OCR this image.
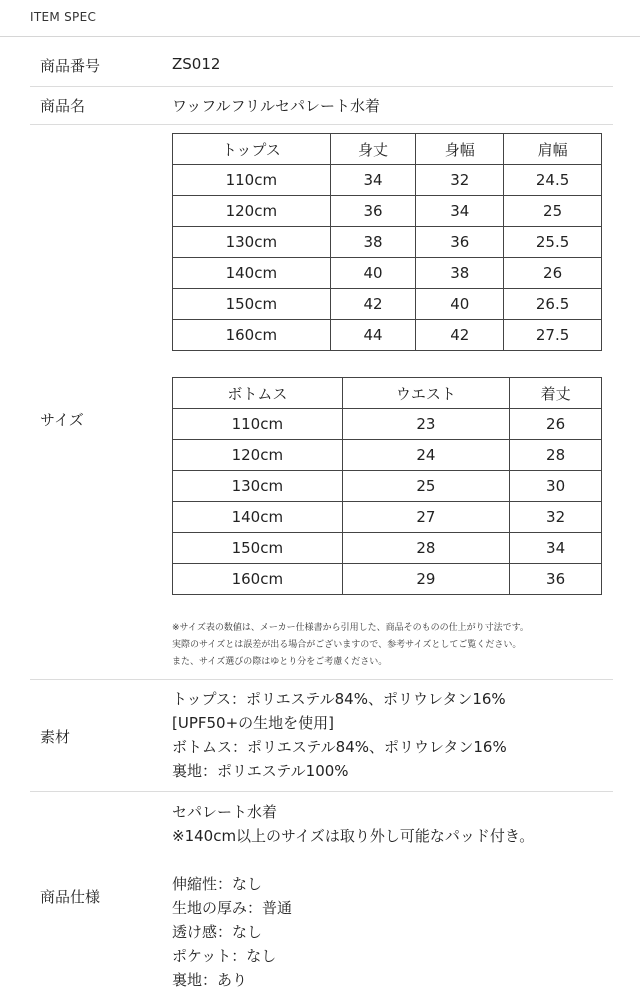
ITEM SPEC
商品番号	ZS012
商品名	ワッフルフリルセパレート水着
サイズ
トップス	身丈	身幅	肩幅
110cm	34	32	24.5
120cm	36	34	25
130cm	38	36	25.5
140cm	40	38	26
150cm	42	40	26.5
160cm	44	42	27.5
ボトムス	ウエスト	着丈
110cm	23	26
120cm	24	28
130cm	25	30
140cm	27	32
150cm	28	34
160cm	29	36
※サイズ表の数値は、メーカー仕様書から引用した、商品そのものの仕上がり寸法です。
実際のサイズとは誤差が出る場合がございますので、参考サイズとしてご覧ください。
また、サイズ選びの際はゆとり分をご考慮ください。
素材
トップス：ポリエステル84%、ポリウレタン16%
[UPF50+の生地を使用]
ボトムス：ポリエステル84%、ポリウレタン16%
裏地：ポリエステル100%
商品仕様
セパレート水着
※140cm以上のサイズは取り外し可能なパッド付き。
伸縮性：なし
生地の厚み：普通
透け感：なし
ポケット：なし
裏地：あり
